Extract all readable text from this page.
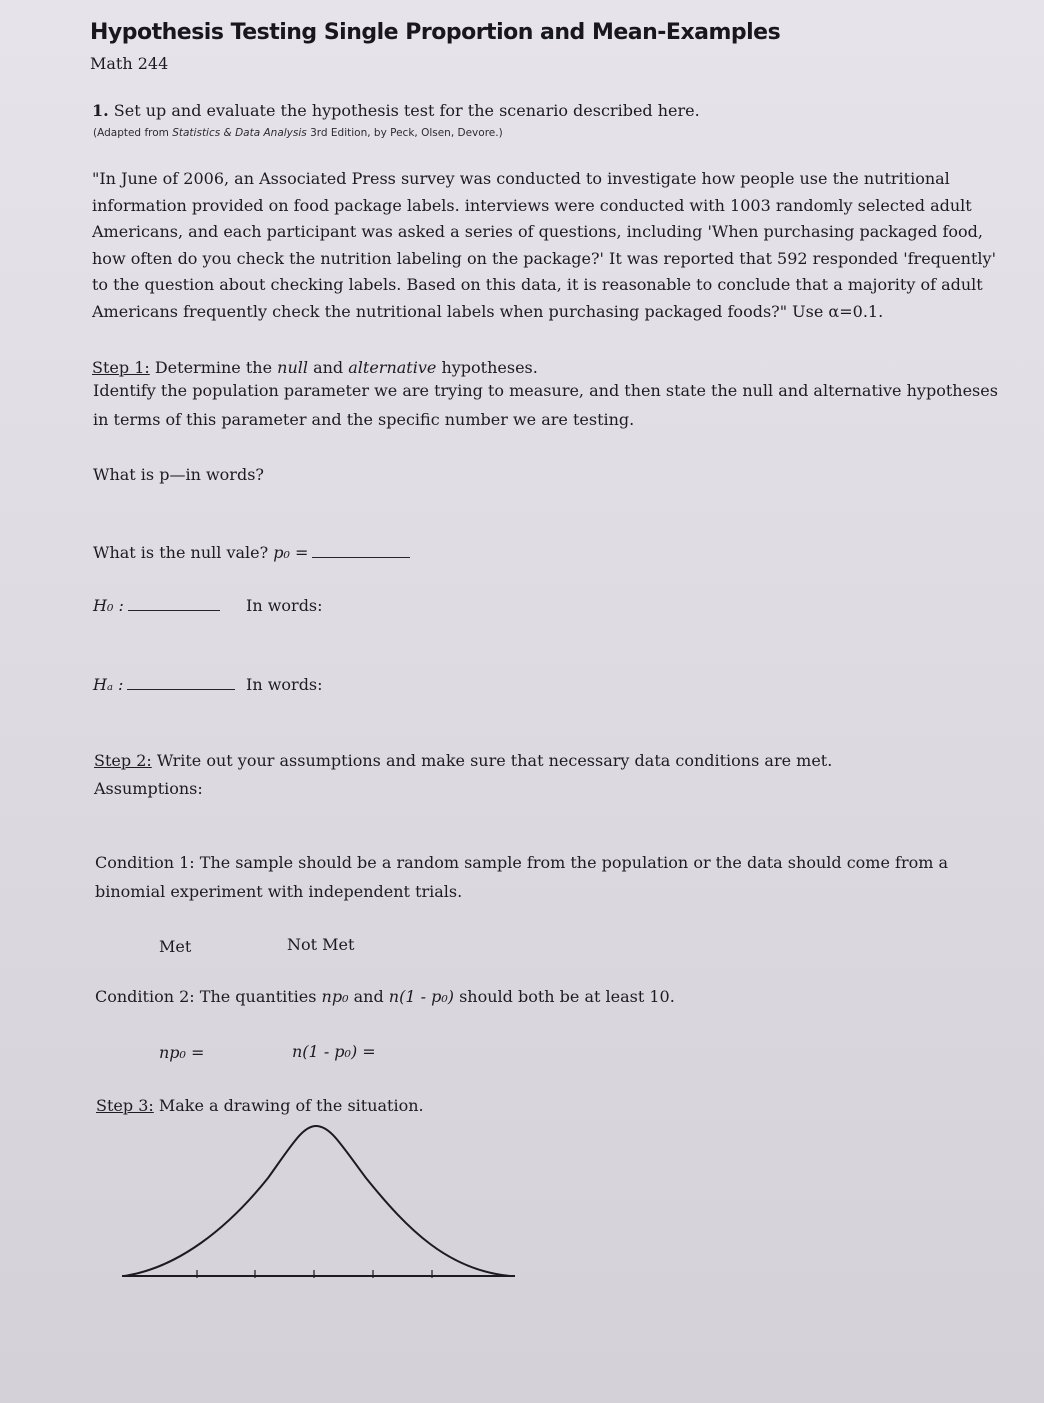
Hypothesis Testing Single Proportion and Mean-Examples
Math 244
1. Set up and evaluate the hypothesis test for the scenario described here.
(Adapted from Statistics & Data Analysis 3rd Edition, by Peck, Olsen, Devore.)
"In June of 2006, an Associated Press survey was conducted to investigate how people use the nutritional
information provided on food package labels. interviews were conducted with 1003 randomly selected adult
Americans, and each participant was asked a series of questions, including 'When purchasing packaged food,
how often do you check the nutrition labeling on the package?' It was reported that 592 responded 'frequently'
to the question about checking labels. Based on this data, it is reasonable to conclude that a majority of adult
Americans frequently check the nutritional labels when purchasing packaged foods?" Use α=0.1.
Step 1: Determine the null and alternative hypotheses.
Identify the population parameter we are trying to measure, and then state the null and alternative hypotheses
in terms of this parameter and the specific number we are testing.
What is p—in words?
What is the null vale? p₀ =
H₀ :	In words:
Hₐ :	In words:
Step 2: Write out your assumptions and make sure that necessary data conditions are met.
Assumptions:
Condition 1: The sample should be a random sample from the population or the data should come from a
binomial experiment with independent trials.
Met	Not Met
Condition 2: The quantities np₀ and n(1 - p₀) should both be at least 10.
np₀ =	n(1 - p₀) =
Step 3: Make a drawing of the situation.
